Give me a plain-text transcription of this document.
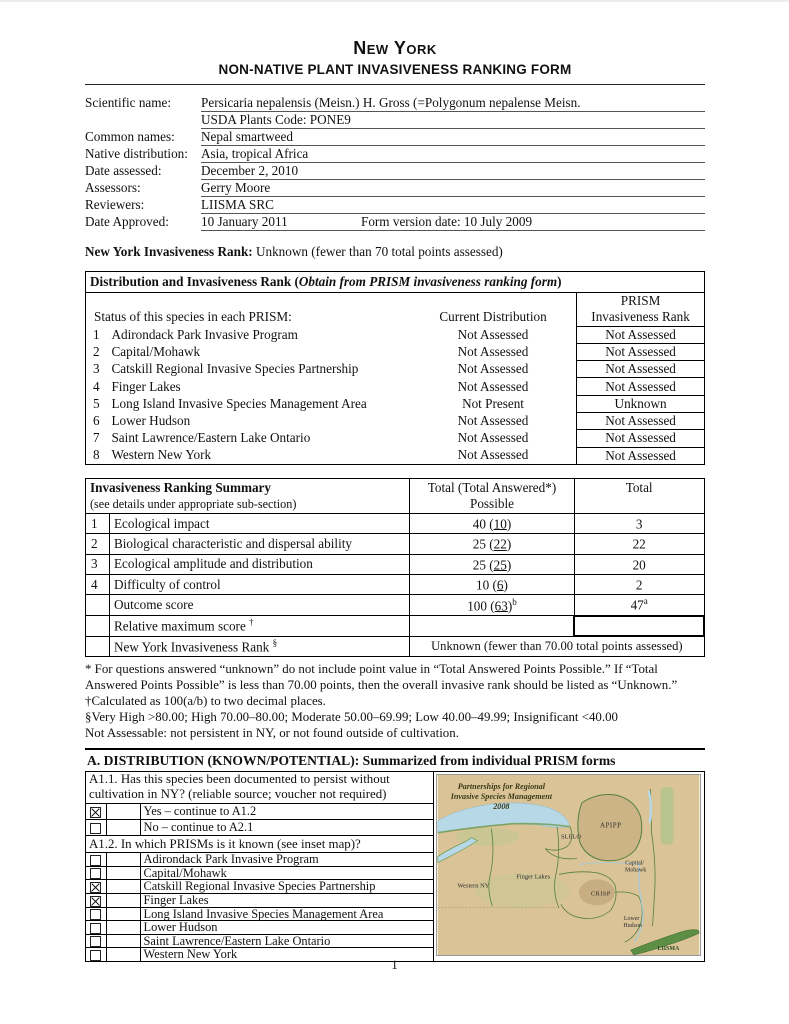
New York
NON-NATIVE PLANT INVASIVENESS RANKING FORM
Scientific name:	Persicaria nepalensis (Meisn.) H. Gross (=Polygonum nepalense Meisn.
	USDA Plants Code: PONE9
Common names:	Nepal smartweed
Native distribution:	Asia, tropical Africa
Date assessed:	December 2, 2010
Assessors:	Gerry Moore
Reviewers:	LIISMA SRC
Date Approved:	10 January 2011 Form version date: 10 July 2009
New York Invasiveness Rank: Unknown (fewer than 70 total points assessed)
Distribution and Invasiveness Rank (Obtain from PRISM invasiveness ranking form)			
Status of this species in each PRISM:		Current Distribution	PRISM
Invasiveness Rank

1	Adirondack Park Invasive Program	Not Assessed	Not Assessed
2	Capital/Mohawk	Not Assessed	Not Assessed
3	Catskill Regional Invasive Species Partnership	Not Assessed	Not Assessed
4	Finger Lakes	Not Assessed	Not Assessed
5	Long Island Invasive Species Management Area	Not Present	Unknown
6	Lower Hudson	Not Assessed	Not Assessed
7	Saint Lawrence/Eastern Lake Ontario	Not Assessed	Not Assessed
8	Western New York	Not Assessed	Not Assessed
Invasiveness Ranking Summary
(see details under appropriate sub-section)	
Total (Total Answered*)
Possible
	Total
1	Ecological impact	40 (10)	3
2	Biological characteristic and dispersal ability	25 (22)	22
3	Ecological amplitude and distribution	25 (25)	20
4	Difficulty of control	10 (6)	2
	Outcome score	100 $(63)^b$	47$^a$
	Relative maximum score †		
	New York Invasiveness Rank §	Unknown (fewer than 70.00 total points assessed)	
* For questions answered “unknown” do not include point value in “Total Answered Points Possible.” If “Total Answered Points Possible” is less than 70.00 points, then the overall invasive rank should be listed as “Unknown.”
†Calculated as 100(a/b) to two decimal places.
§Very High >80.00; High 70.00–80.00; Moderate 50.00–69.99; Low 40.00–49.99; Insignificant <40.00
Not Assessable: not persistent in NY, or not found outside of cultivation.
A. DISTRIBUTION (KNOWN/POTENTIAL): Summarized from individual PRISM forms
A1.1. Has this species been documented to persist without cultivation in NY? (reliable source; voucher not required)		
		Yes – continue to A1.2
		No – continue to A2.1
A1.2. In which PRISMs is it known (see inset map)?		
		Adirondack Park Invasive Program
		Capital/Mohawk
		Catskill Regional Invasive Species Partnership
		Finger Lakes
		Long Island Invasive Species Management Area
		Lower Hudson
		Saint Lawrence/Eastern Lake Ontario
		Western New York
Partnerships for Regional
Invasive Species Management
2008
APIPP
SLELO
Capital/
Mohawk
Finger Lakes
Western NY
CRISP
Lower
Hudson
LIISMA
1
